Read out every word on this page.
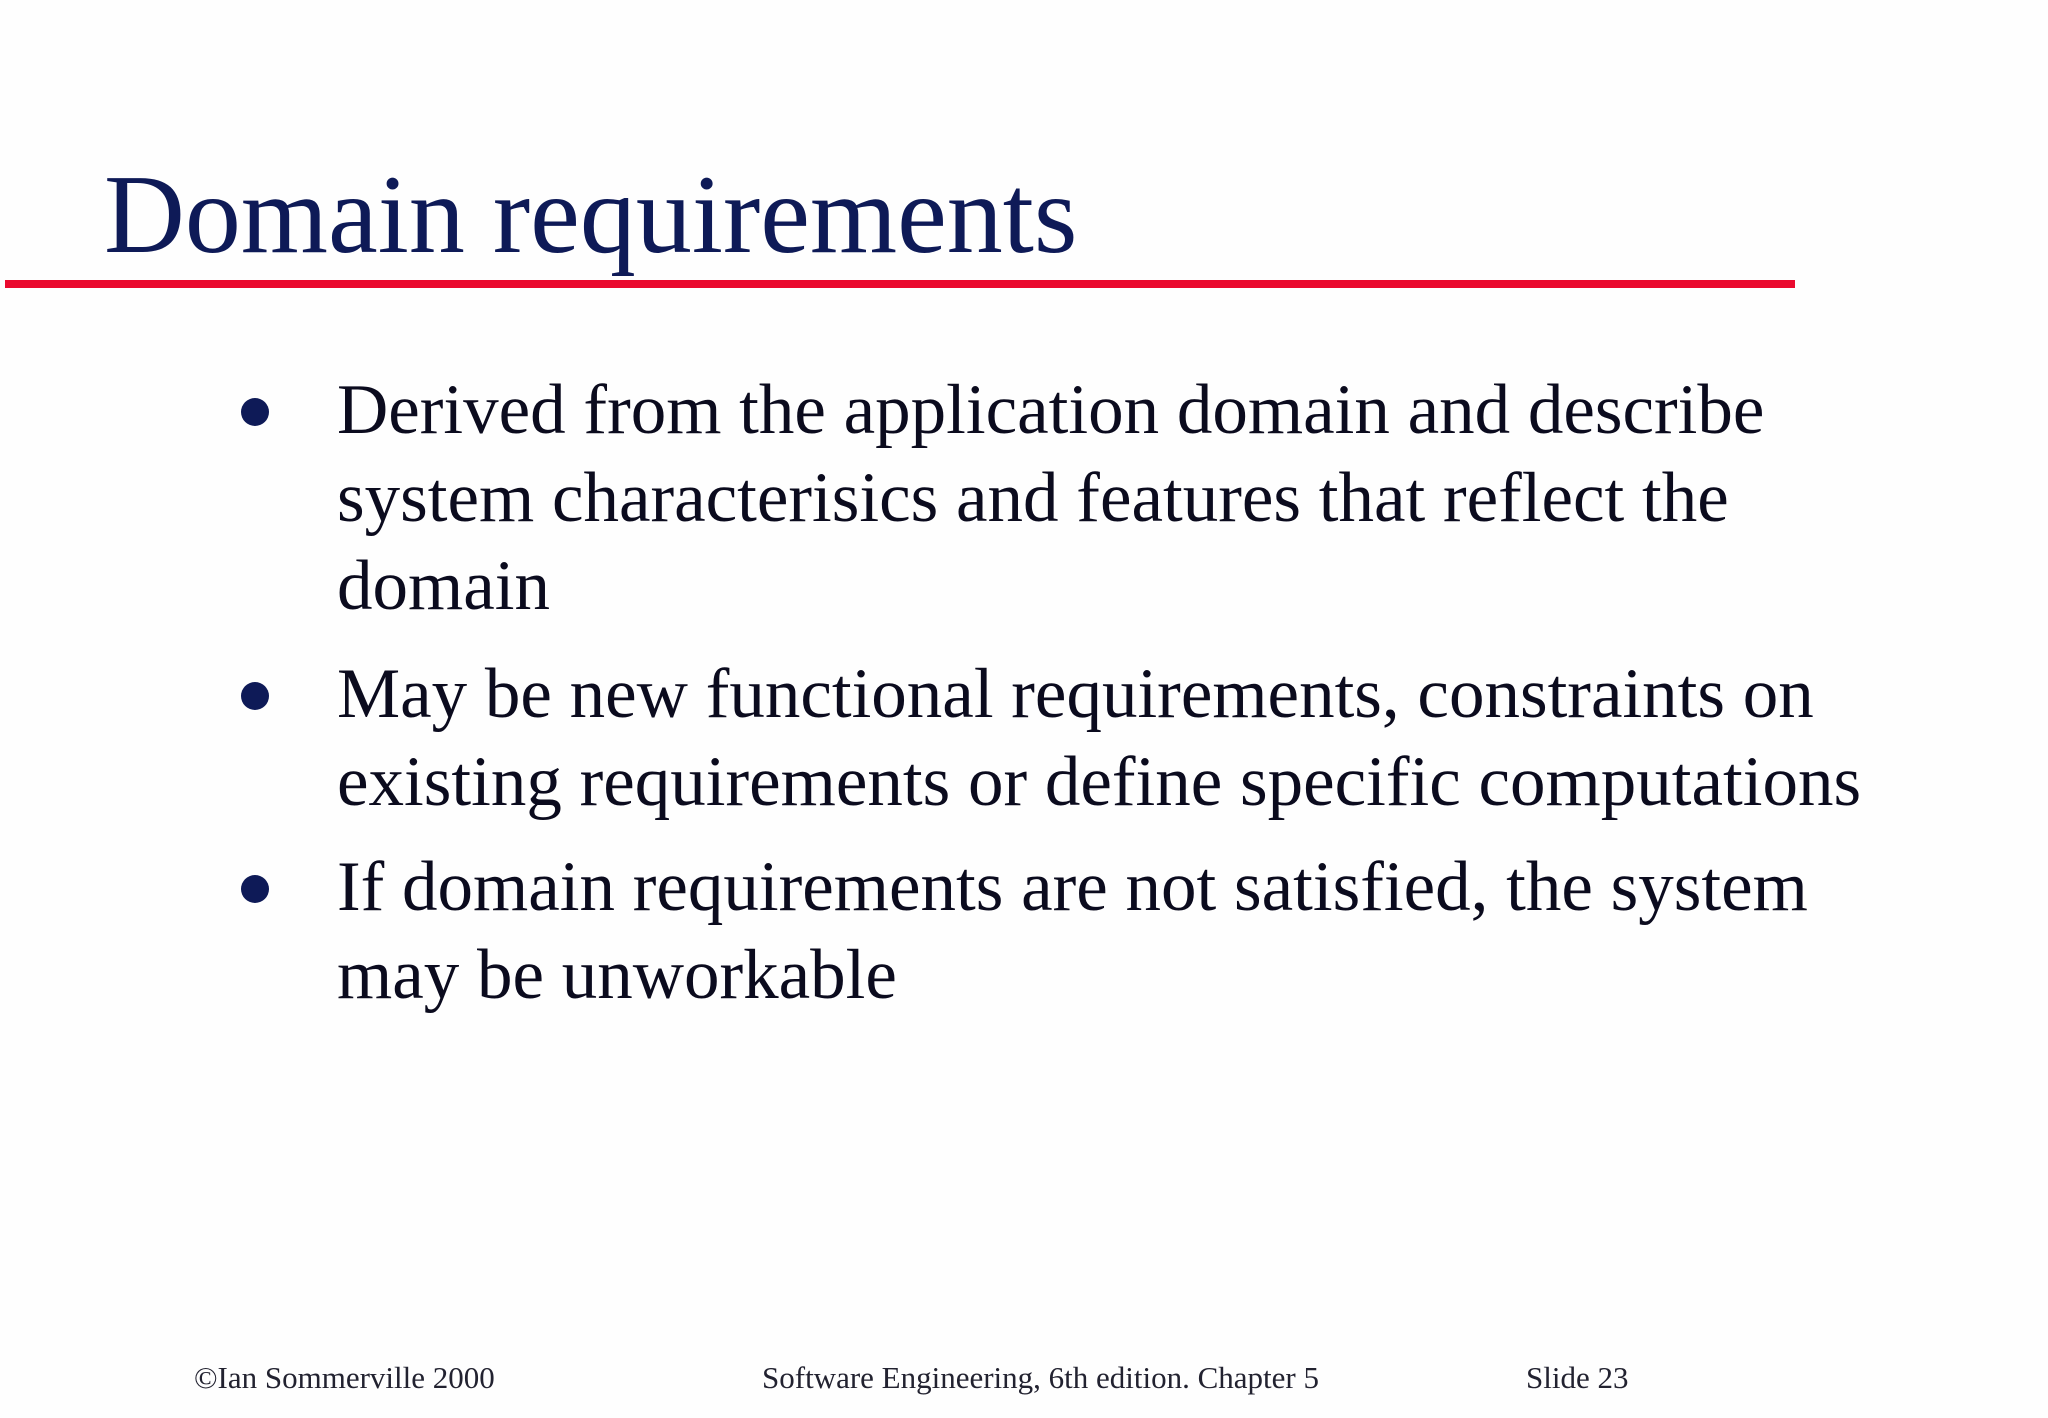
Domain requirements

Derived from the application domain and describe system characterisics and features that reflect the domain

May be new functional requirements, constraints on existing requirements or define specific computations

If domain requirements are not satisfied, the system may be unworkable

©Ian Sommerville 2000	Software Engineering, 6th edition. Chapter 5	Slide 23
